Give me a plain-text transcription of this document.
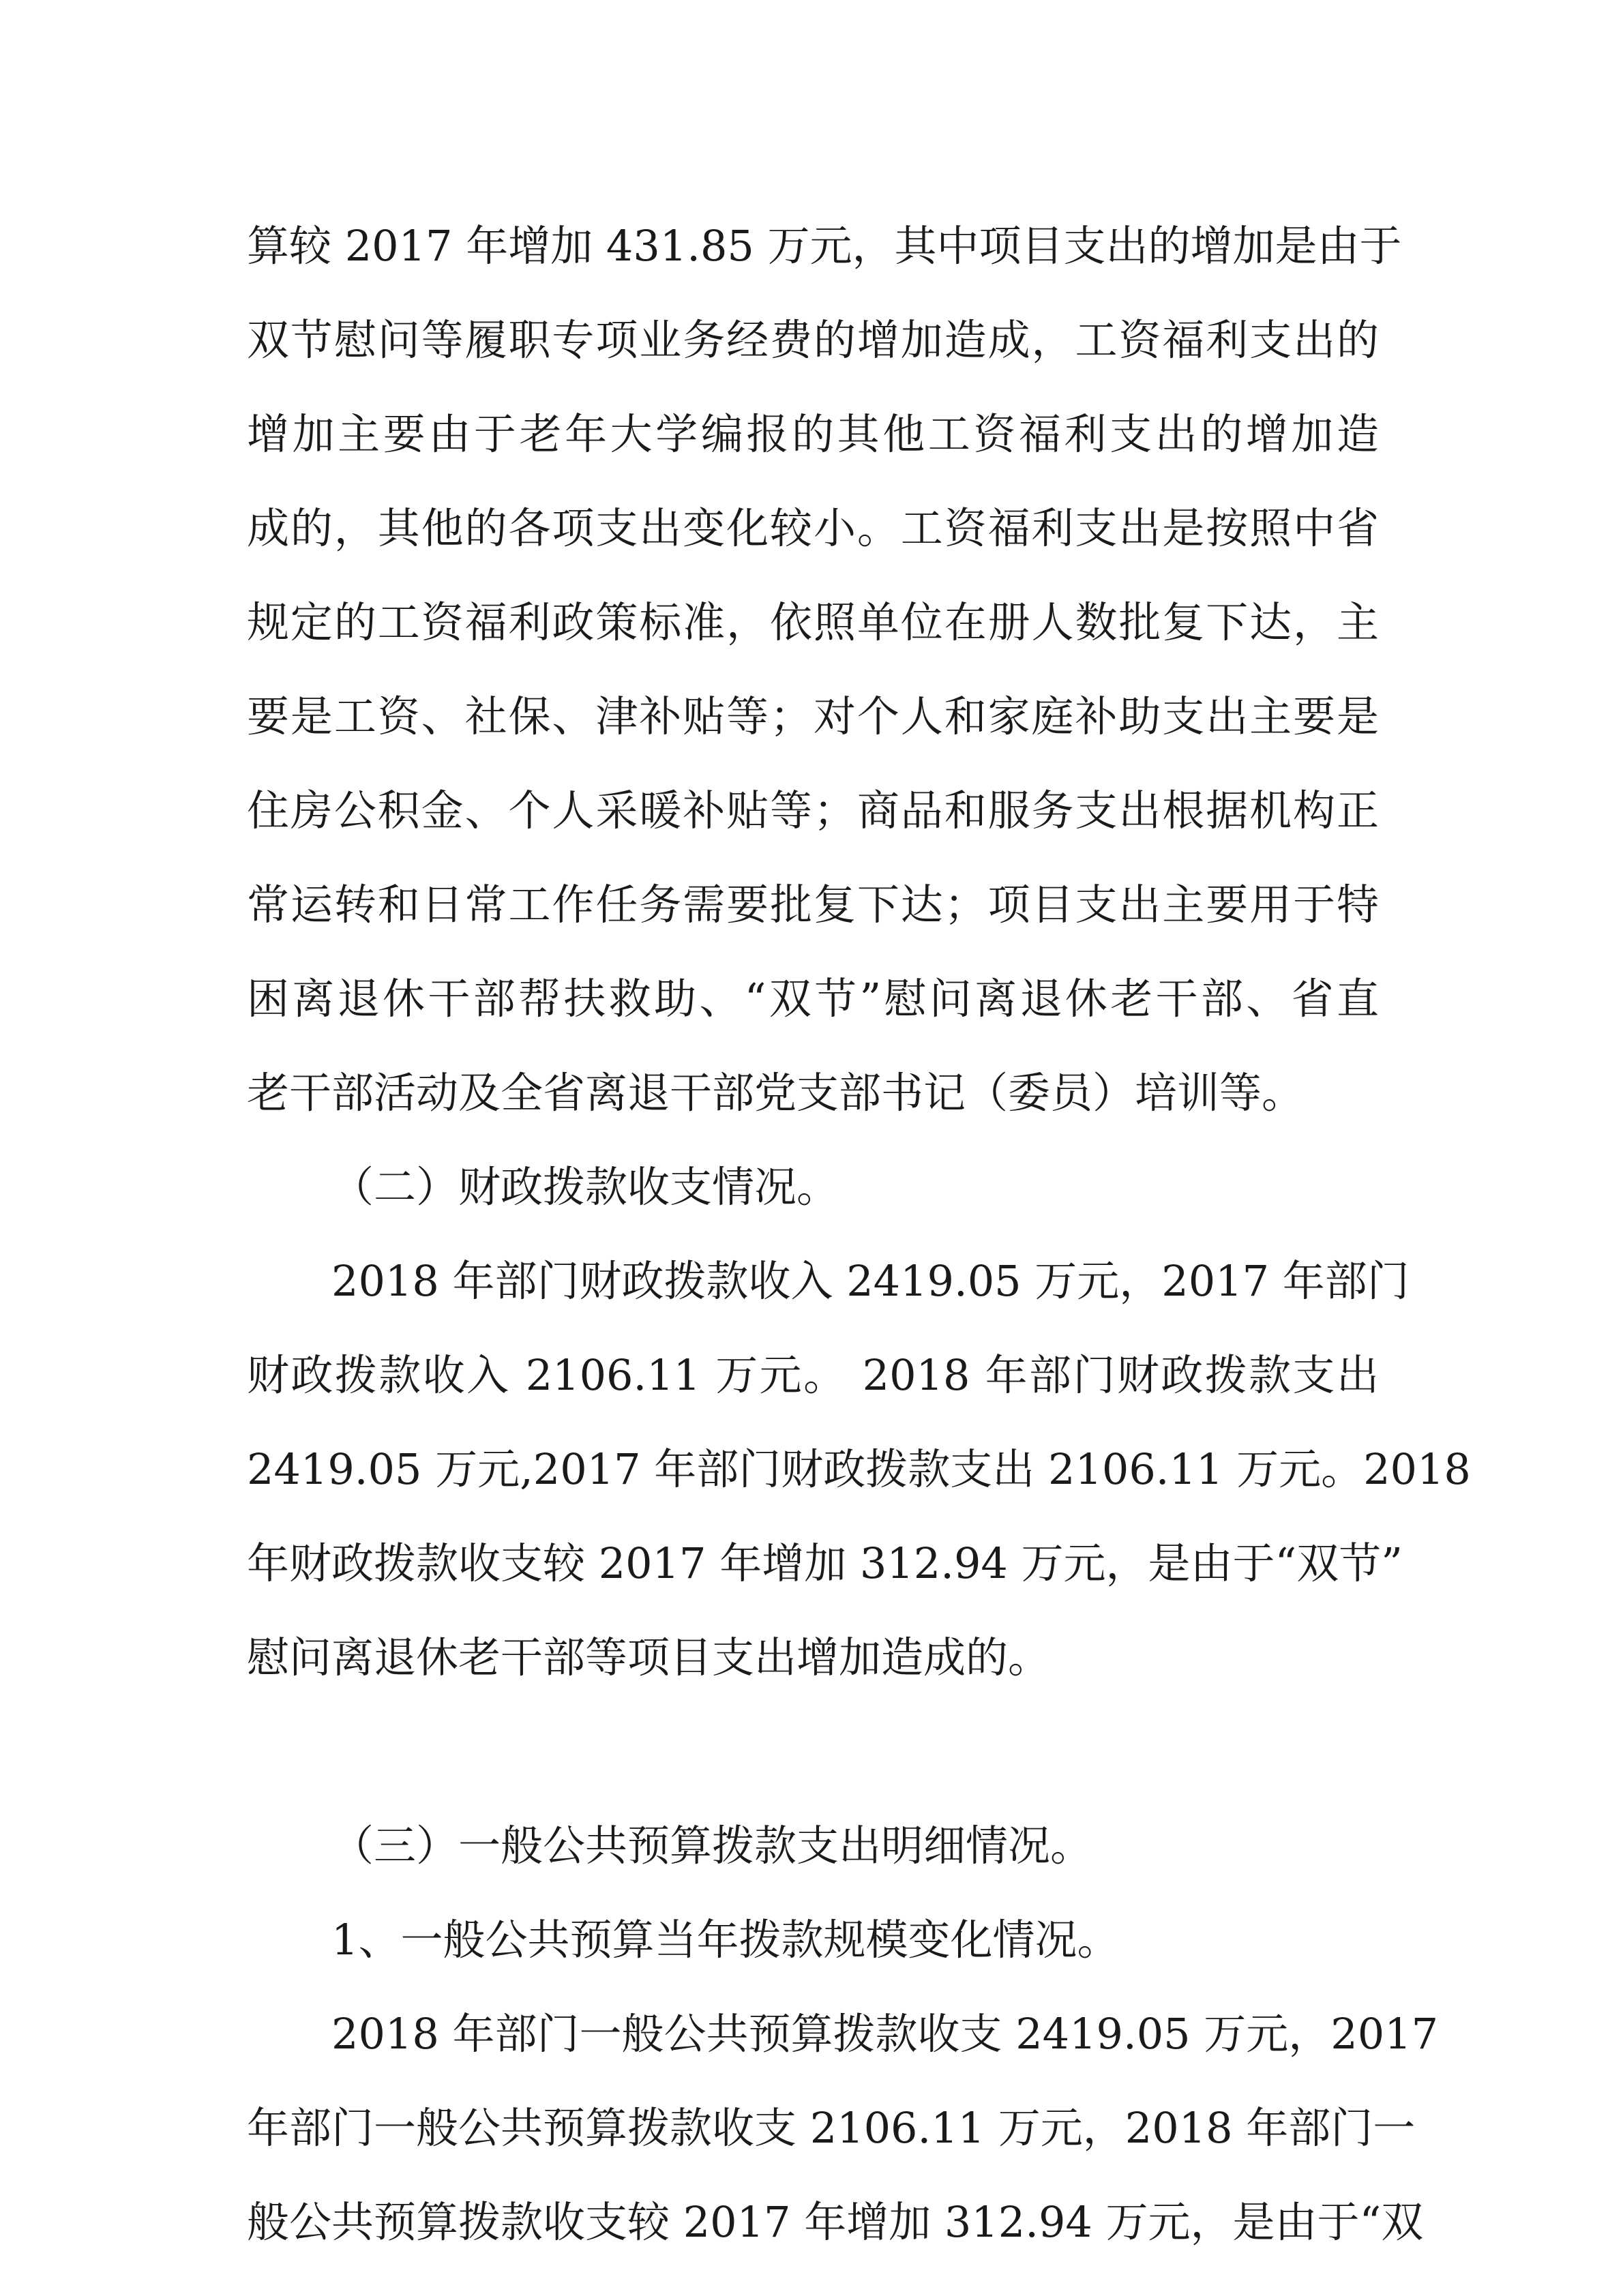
算较 2017 年增加 431.85 万元，其中项目支出的增加是由于
双节慰问等履职专项业务经费的增加造成，工资福利支出的
增加主要由于老年大学编报的其他工资福利支出的增加造
成的，其他的各项支出变化较小。工资福利支出是按照中省
规定的工资福利政策标准，依照单位在册人数批复下达，主
要是工资、社保、津补贴等；对个人和家庭补助支出主要是
住房公积金、个人采暖补贴等；商品和服务支出根据机构正
常运转和日常工作任务需要批复下达；项目支出主要用于特
困离退休干部帮扶救助、“双节”慰问离退休老干部、省直
老干部活动及全省离退干部党支部书记（委员）培训等。
（二）财政拨款收支情况。
2018 年部门财政拨款收入 2419.05 万元，2017 年部门
财政拨款收入 2106.11 万元。 2018 年部门财政拨款支出
2419.05 万元,2017 年部门财政拨款支出 2106.11 万元。2018
年财政拨款收支较 2017 年增加 312.94 万元，是由于“双节”
慰问离退休老干部等项目支出增加造成的。
（三）一般公共预算拨款支出明细情况。
1、一般公共预算当年拨款规模变化情况。
2018 年部门一般公共预算拨款收支 2419.05 万元，2017
年部门一般公共预算拨款收支 2106.11 万元，2018 年部门一
般公共预算拨款收支较 2017 年增加 312.94 万元，是由于“双
